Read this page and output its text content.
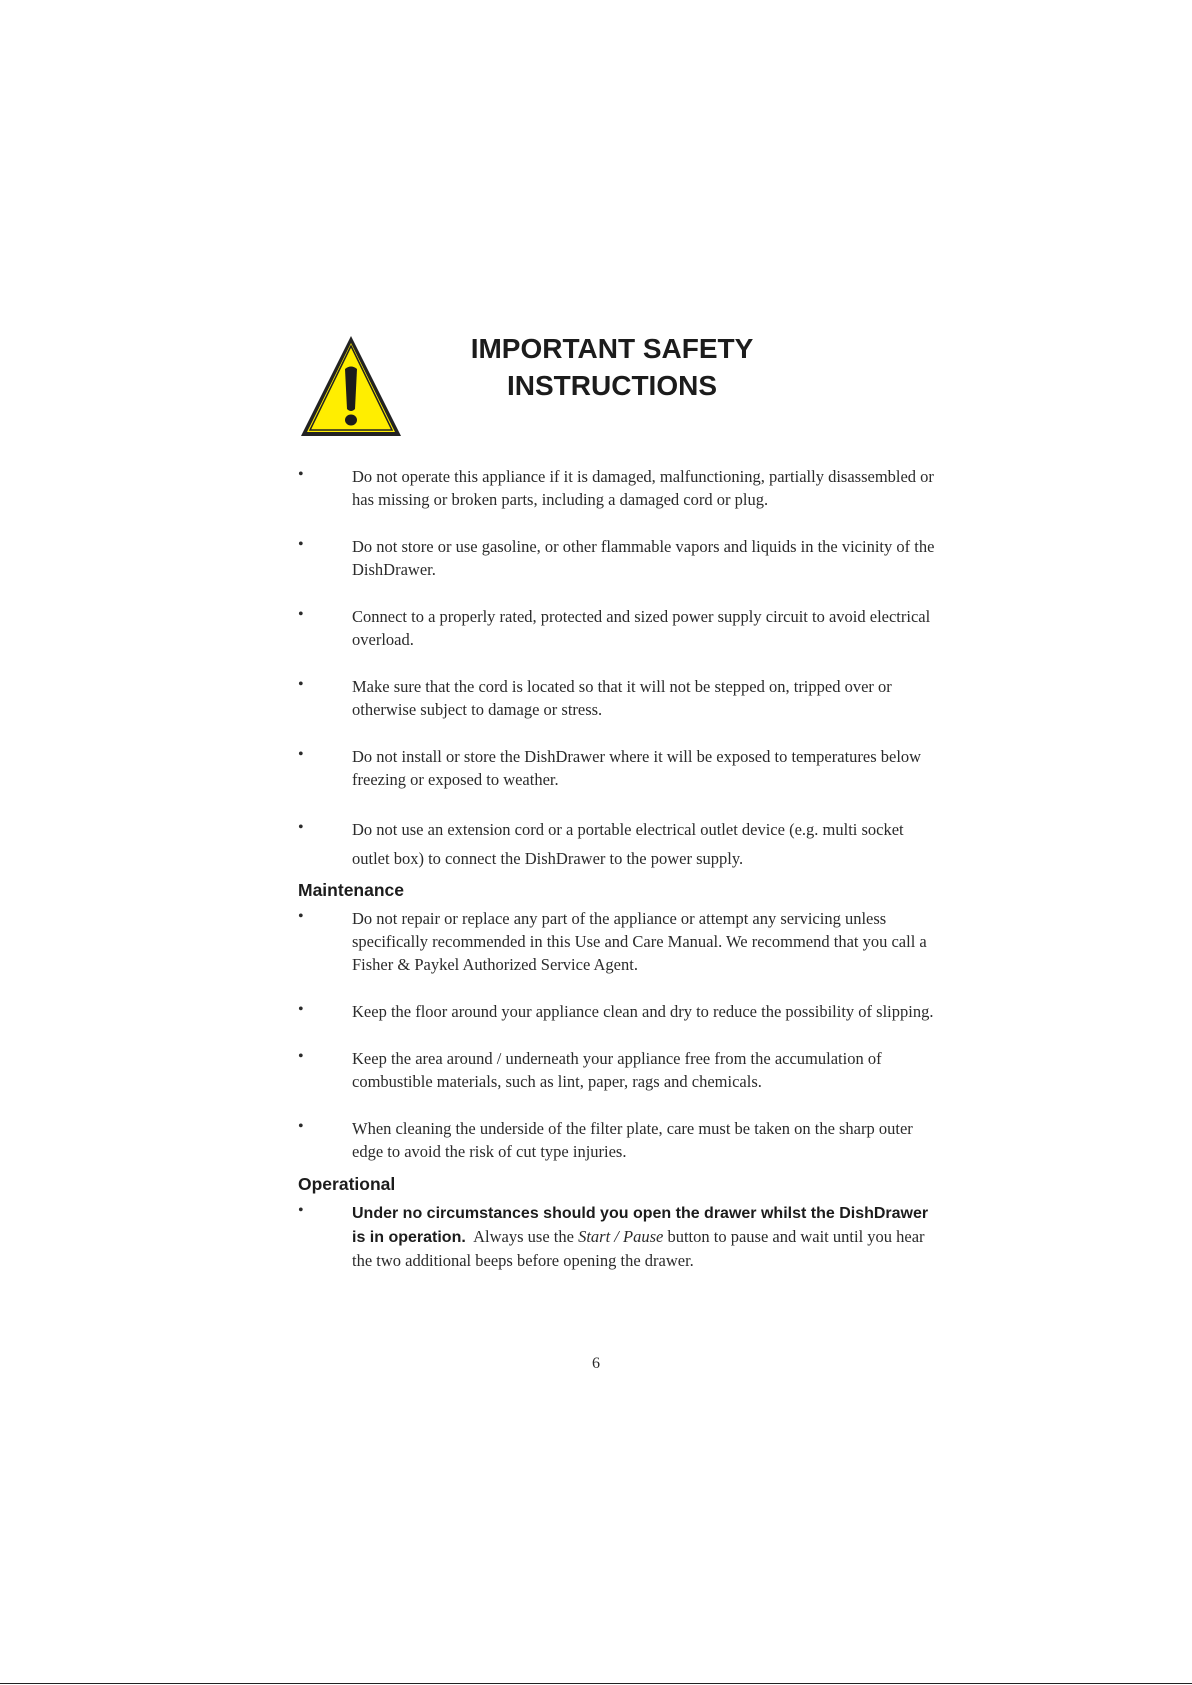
IMPORTANT SAFETY
INSTRUCTIONS
•	Do not operate this appliance if it is damaged, malfunctioning, partially disassembled or has missing or broken parts, including a damaged cord or plug.
•	Do not store or use gasoline, or other flammable vapors and liquids in the vicinity of the DishDrawer.
•	Connect to a properly rated, protected and sized power supply circuit to avoid electrical overload.
•	Make sure that the cord is located so that it will not be stepped on, tripped over or otherwise subject to damage or stress.
•	Do not install or store the DishDrawer where it will be exposed to temperatures below freezing or exposed to weather.
•	Do not use an extension cord or a portable electrical outlet device (e.g. multi socket outlet box) to connect the DishDrawer to the power supply.
Maintenance
•	Do not repair or replace any part of the appliance or attempt any servicing unless specifically recommended in this Use and Care Manual. We recommend that you call a Fisher & Paykel Authorized Service Agent.
•	Keep the floor around your appliance clean and dry to reduce the possibility of slipping.
•	Keep the area around / underneath your appliance free from the accumulation of combustible materials, such as lint, paper, rags and chemicals.
•	When cleaning the underside of the filter plate, care must be taken on the sharp outer edge to avoid the risk of cut type injuries.
Operational
•	Under no circumstances should you open the drawer whilst the DishDrawer is in operation. Always use the Start / Pause button to pause and wait until you hear the two additional beeps before opening the drawer.
6
